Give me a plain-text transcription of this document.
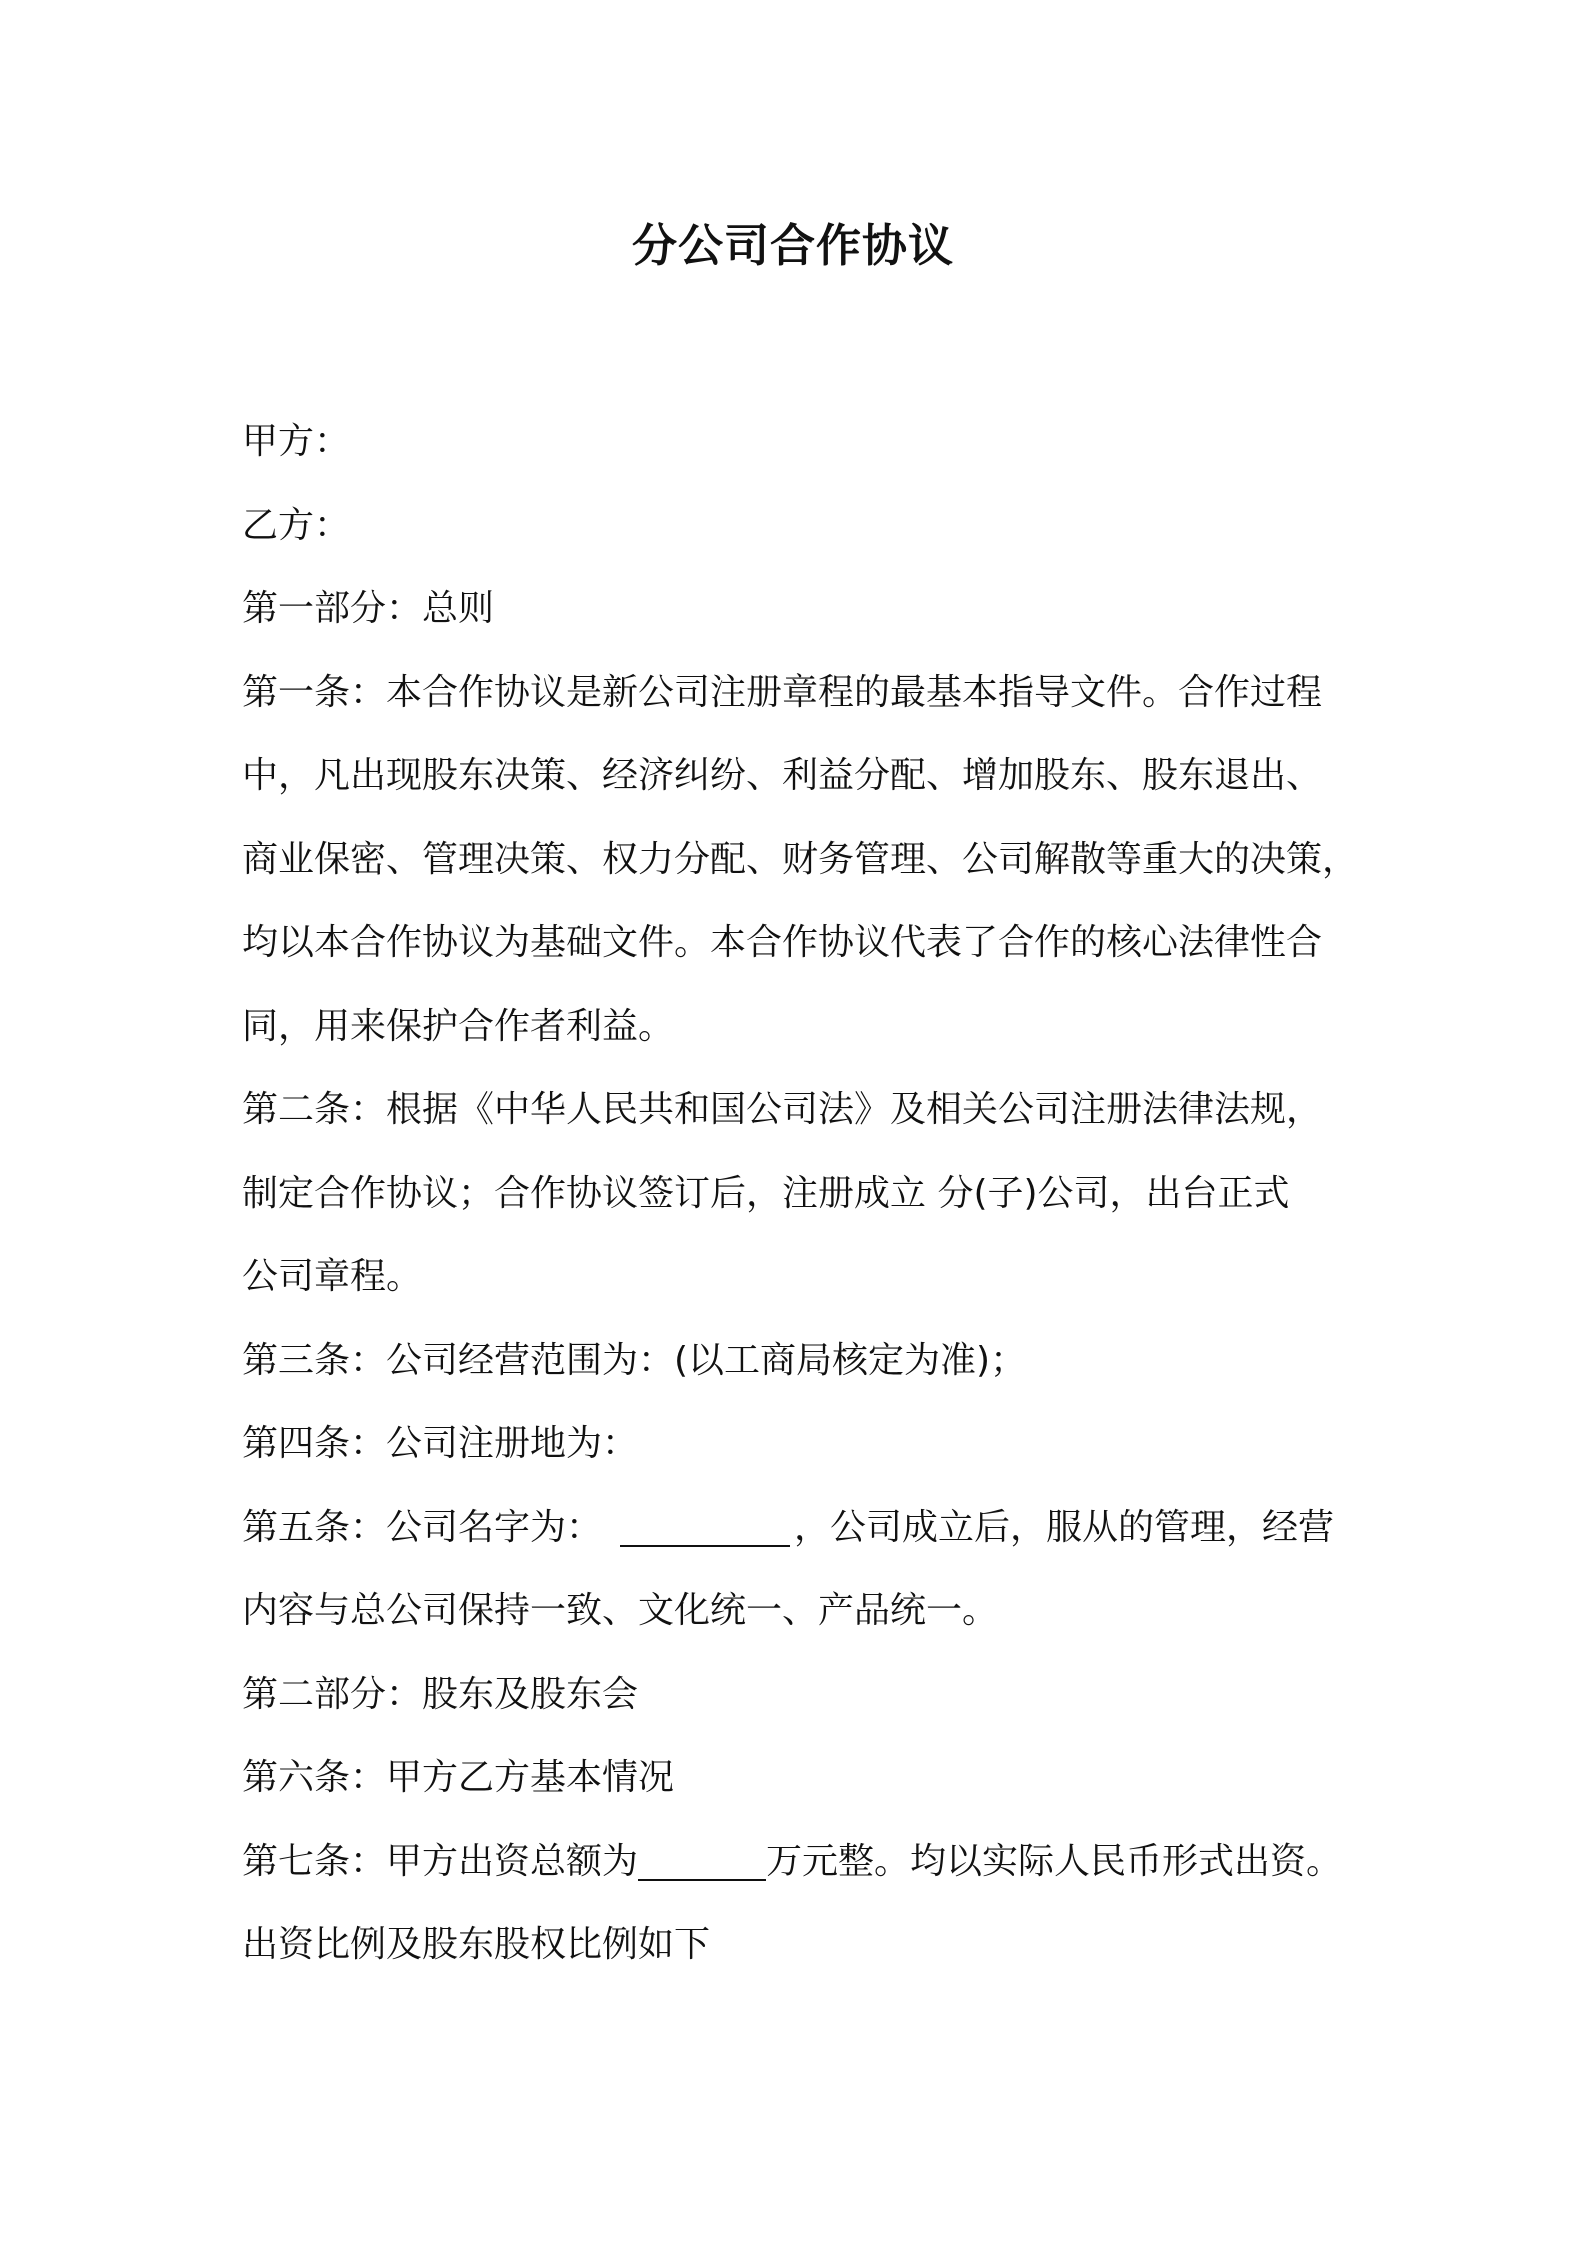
分公司合作协议
甲方：
乙方：
第一部分：总则
第一条：本合作协议是新公司注册章程的最基本指导文件。合作过程
中，凡出现股东决策、经济纠纷、利益分配、增加股东、股东退出、
商业保密、管理决策、权力分配、财务管理、公司解散等重大的决策，
均以本合作协议为基础文件。本合作协议代表了合作的核心法律性合
同，用来保护合作者利益。
第二条：根据《中华人民共和国公司法》及相关公司注册法律法规，
制定合作协议；合作协议签订后，注册成立 分(子)公司，出台正式
公司章程。
第三条：公司经营范围为：(以工商局核定为准)；
第四条：公司注册地为：
第五条：公司名字为：	，公司成立后，服从的管理，经营
内容与总公司保持一致、文化统一、产品统一。
第二部分：股东及股东会
第六条：甲方乙方基本情况
第七条：甲方出资总额为	万元整。均以实际人民币形式出资。
出资比例及股东股权比例如下
